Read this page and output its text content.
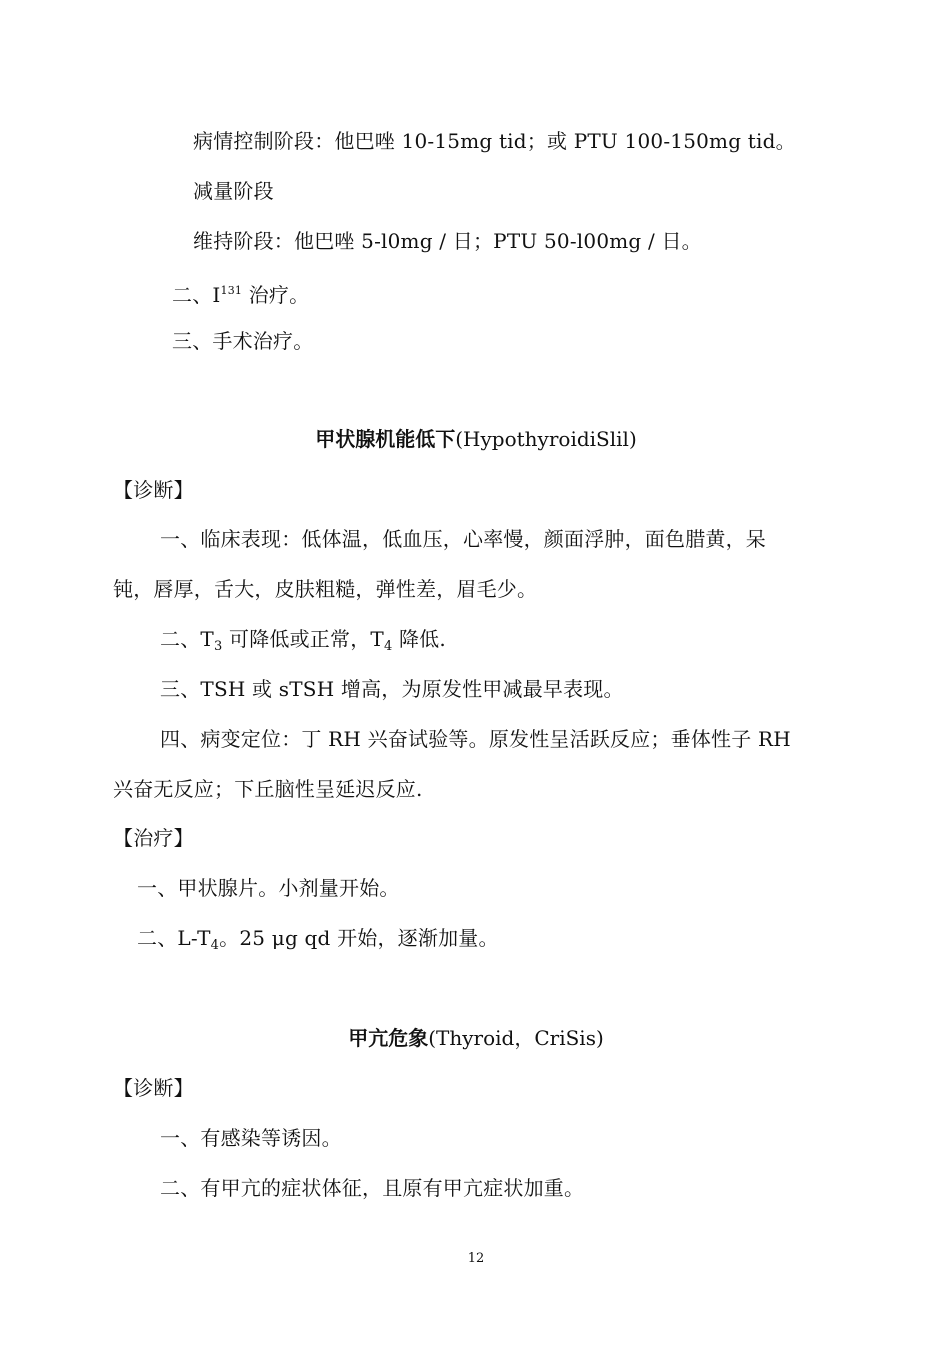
病情控制阶段：他巴唑 10-15mg tid；或 PTU 100-150mg tid。
减量阶段
维持阶段：他巴唑 5-l0mg / 日；PTU 50-l00mg / 日。
二、$I^{131}$ 治疗。
三、手术治疗。
甲状腺机能低下(HypothyroidiSlil)
【诊断】
一、临床表现：低体温，低血压，心率慢，颜面浮肿，面色腊黄，呆
钝，唇厚，舌大，皮肤粗糙，弹性差，眉毛少。
二、$T_3$ 可降低或正常，$T_4$ 降低.
三、TSH 或 sTSH 增高，为原发性甲减最早表现。
四、病变定位：丁 RH 兴奋试验等。原发性呈活跃反应；垂体性子 RH
兴奋无反应；下丘脑性呈延迟反应.
【治疗】
一、甲状腺片。小剂量开始。
二、$L-T_4$。25 μg qd 开始，逐渐加量。
甲亢危象(Thyroid，CriSis)
【诊断】
一、有感染等诱因。
二、有甲亢的症状体征，且原有甲亢症状加重。
12
